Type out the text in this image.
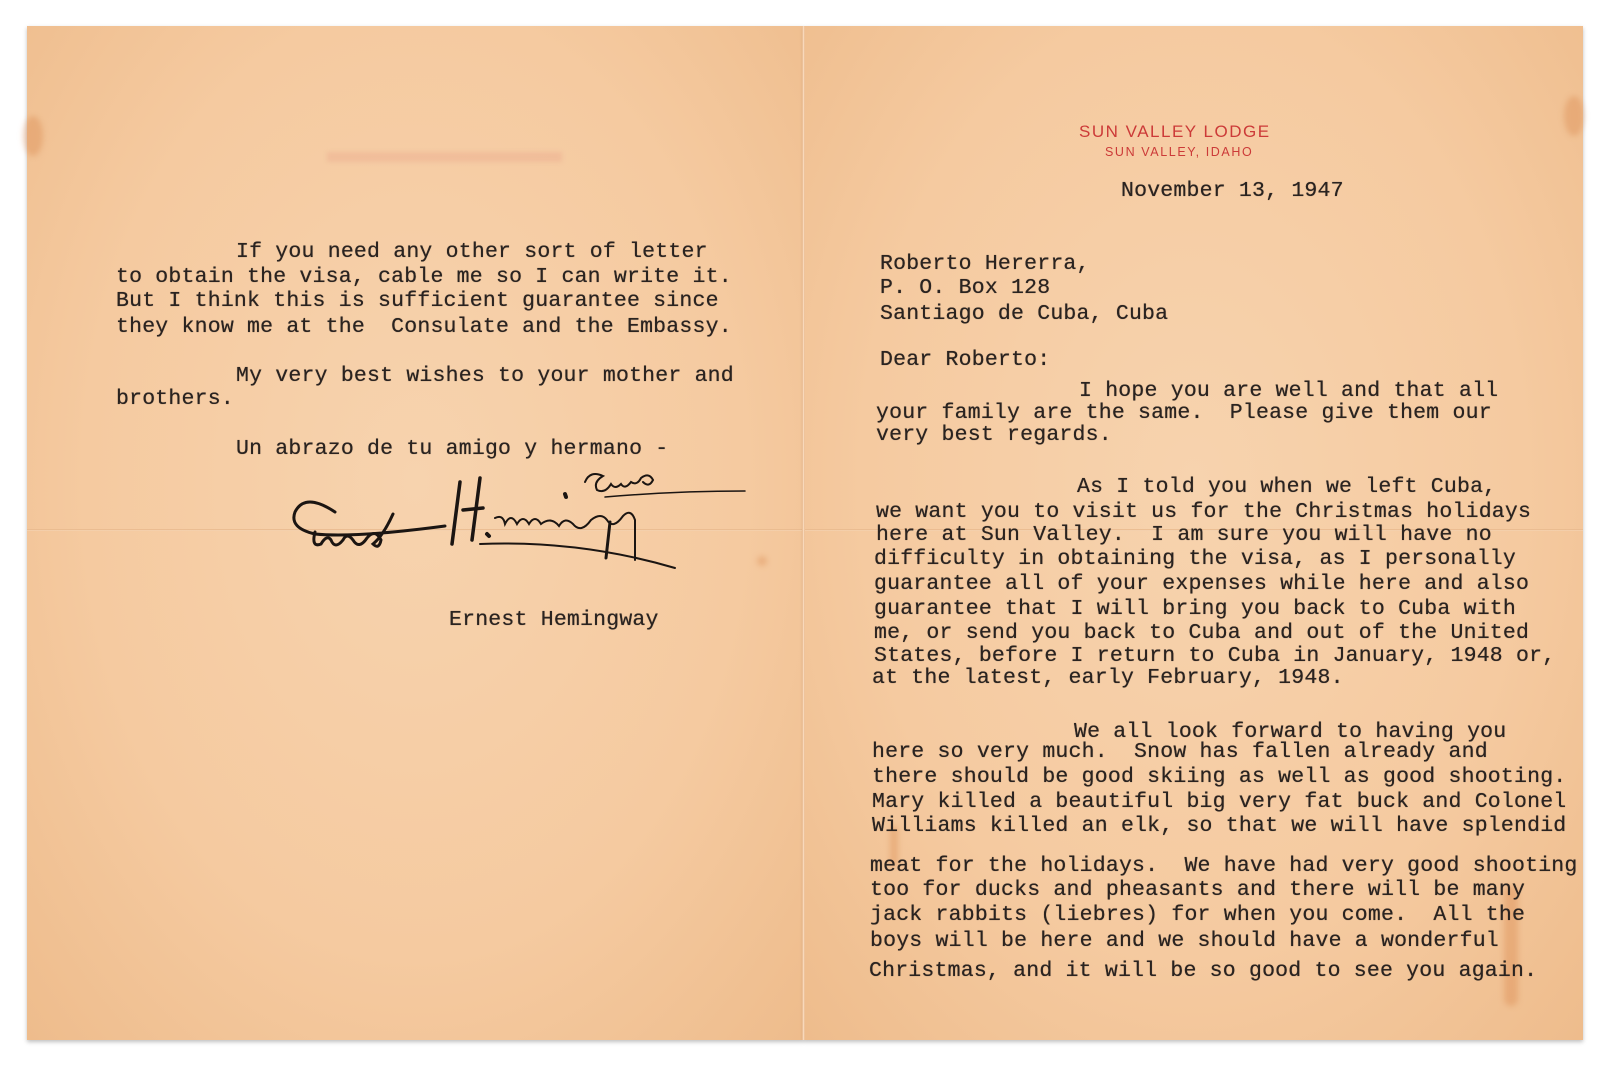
If you need any other sort of letter
to obtain the visa, cable me so I can write it.
But I think this is sufficient guarantee since
they know me at the  Consulate and the Embassy.
My very best wishes to your mother and
brothers.
Un abrazo de tu amigo y hermano -
Ernest Hemingway
SUN VALLEY LODGE
SUN VALLEY, IDAHO
November 13, 1947
Roberto Hererra,
P. O. Box 128
Santiago de Cuba, Cuba
Dear Roberto:
I hope you are well and that all
your family are the same.  Please give them our
very best regards.
As I told you when we left Cuba,
we want you to visit us for the Christmas holidays
here at Sun Valley.  I am sure you will have no
difficulty in obtaining the visa, as I personally
guarantee all of your expenses while here and also
guarantee that I will bring you back to Cuba with
me, or send you back to Cuba and out of the United
States, before I return to Cuba in January, 1948 or,
at the latest, early February, 1948.
We all look forward to having you
here so very much.  Snow has fallen already and
there should be good skiing as well as good shooting.
Mary killed a beautiful big very fat buck and Colonel
Williams killed an elk, so that we will have splendid
meat for the holidays.  We have had very good shooting
too for ducks and pheasants and there will be many
jack rabbits (liebres) for when you come.  All the
boys will be here and we should have a wonderful
Christmas, and it will be so good to see you again.
